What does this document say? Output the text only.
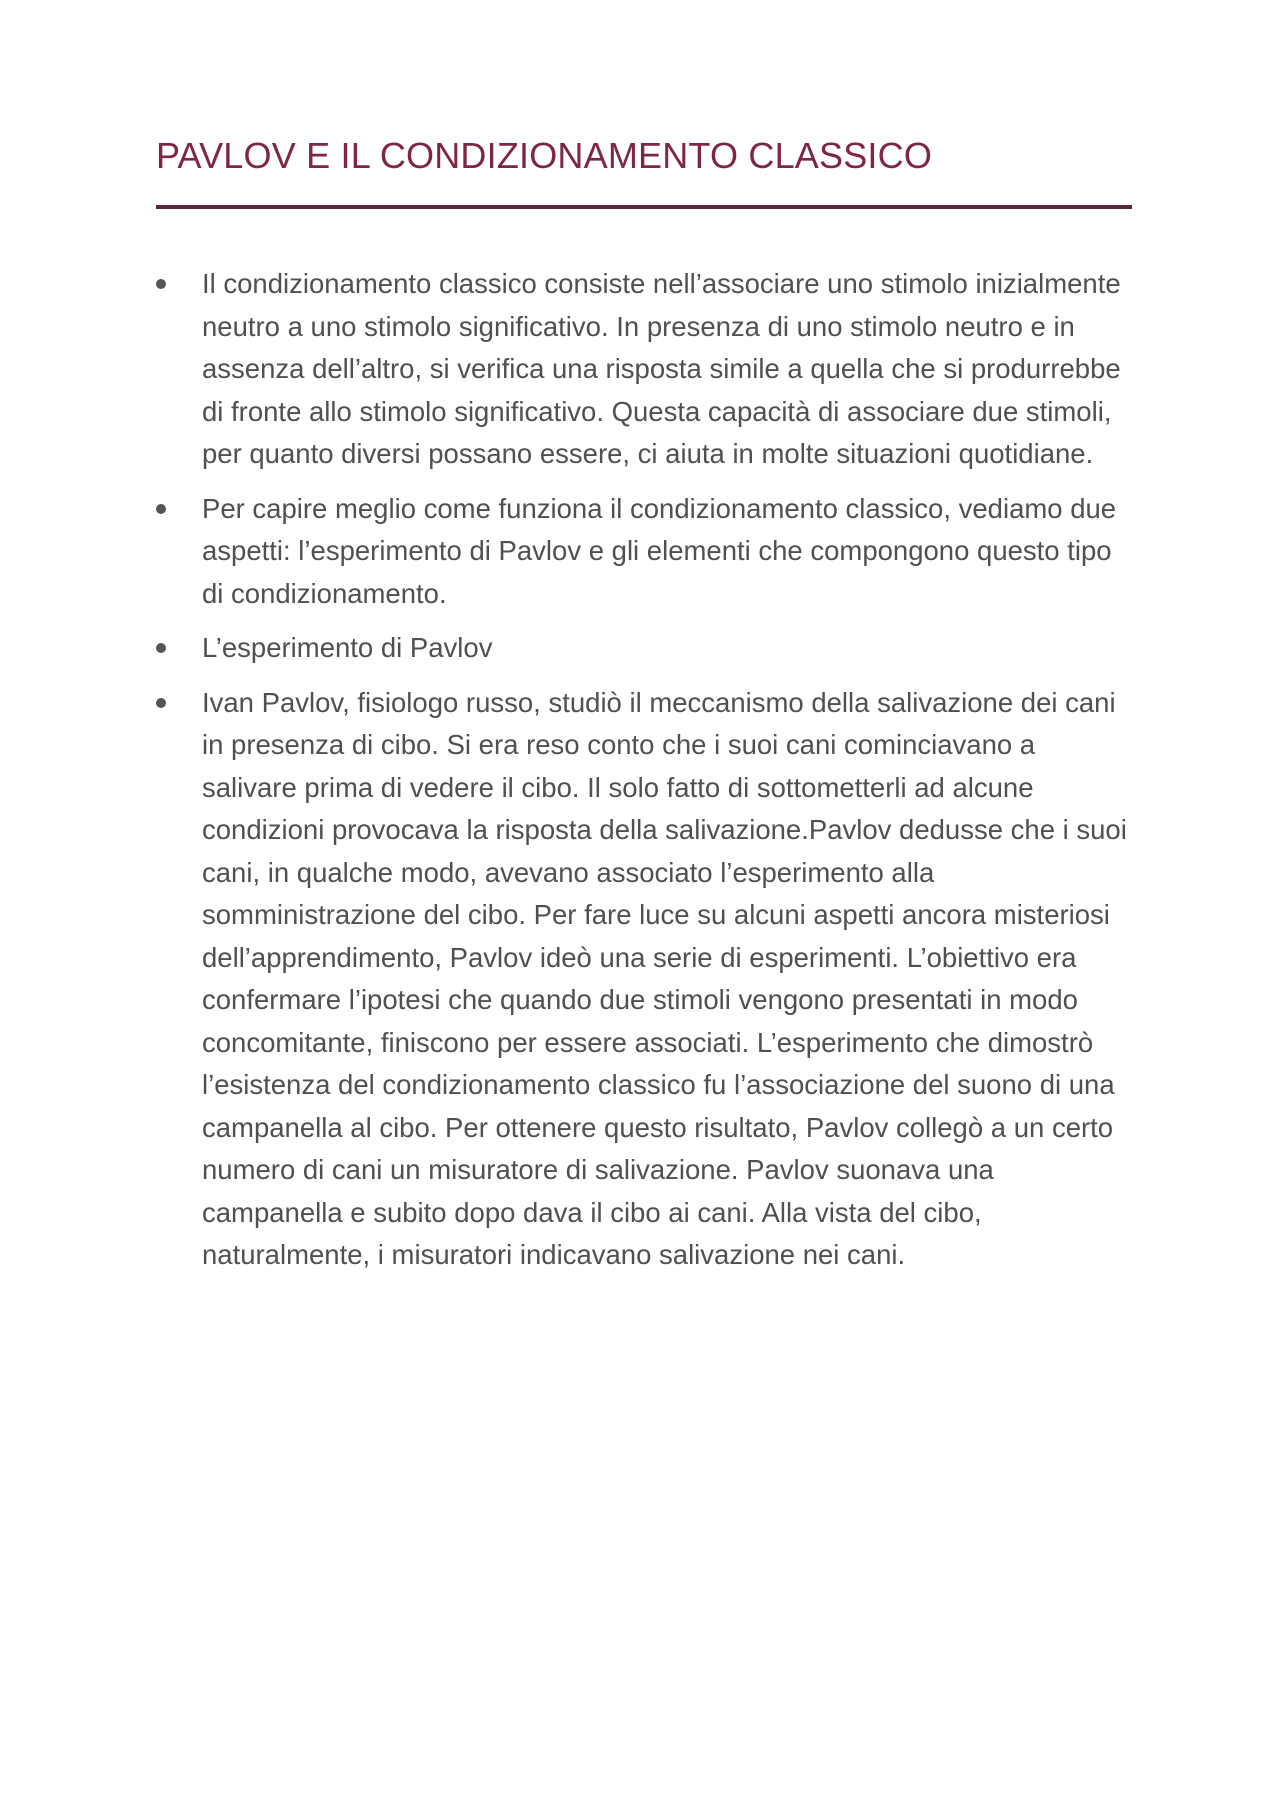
PAVLOV E IL CONDIZIONAMENTO CLASSICO
Il condizionamento classico consiste nell’associare uno stimolo inizialmente neutro a uno stimolo significativo. In presenza di uno stimolo neutro e in assenza dell’altro, si verifica una risposta simile a quella che si produrrebbe di fronte allo stimolo significativo. Questa capacità di associare due stimoli, per quanto diversi possano essere, ci aiuta in molte situazioni quotidiane.
Per capire meglio come funziona il condizionamento classico, vediamo due aspetti: l’esperimento di Pavlov e gli elementi che compongono questo tipo di condizionamento.
L’esperimento di Pavlov
Ivan Pavlov, fisiologo russo, studiò il meccanismo della salivazione dei cani in presenza di cibo. Si era reso conto che i suoi cani cominciavano a salivare prima di vedere il cibo. Il solo fatto di sottometterli ad alcune condizioni provocava la risposta della salivazione.Pavlov dedusse che i suoi cani, in qualche modo, avevano associato l’esperimento alla somministrazione del cibo. Per fare luce su alcuni aspetti ancora misteriosi dell’apprendimento, Pavlov ideò una serie di esperimenti. L’obiettivo era confermare l’ipotesi che quando due stimoli vengono presentati in modo concomitante, finiscono per essere associati. L’esperimento che dimostrò l’esistenza del condizionamento classico fu l’associazione del suono di una campanella al cibo. Per ottenere questo risultato, Pavlov collegò a un certo numero di cani un misuratore di salivazione. Pavlov suonava una campanella e subito dopo dava il cibo ai cani. Alla vista del cibo, naturalmente, i misuratori indicavano salivazione nei cani.
